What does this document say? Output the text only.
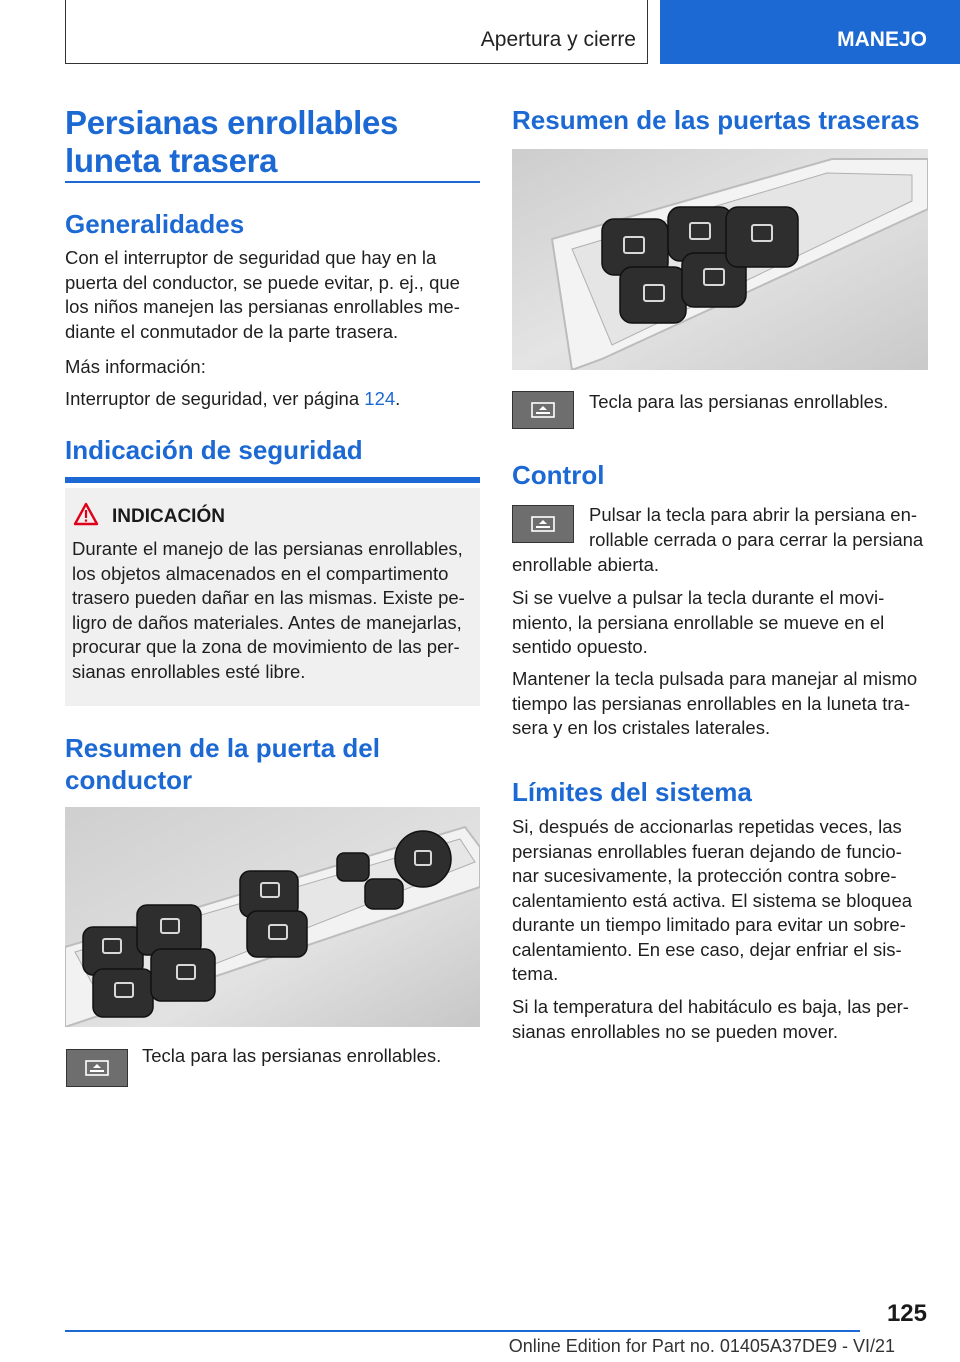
Apertura y cierre	MANEJO
Persianas enrollables
luneta trasera
Generalidades
Con el interruptor de seguridad que hay en la
puerta del conductor, se puede evitar, p. ej., que
los niños manejen las persianas enrollables me‐
diante el conmutador de la parte trasera.
Más información:
Interruptor de seguridad, ver página 124.
Indicación de seguridad
INDICACIÓN
Durante el manejo de las persianas enrollables,
los objetos almacenados en el compartimento
trasero pueden dañar en las mismas. Existe pe‐
ligro de daños materiales. Antes de manejarlas,
procurar que la zona de movimiento de las per‐
sianas enrollables esté libre.
Resumen de la puerta del
conductor
Tecla para las persianas enrollables.
Resumen de las puertas traseras
Tecla para las persianas enrollables.
Control
Pulsar la tecla para abrir la persiana en‐
rollable cerrada o para cerrar la persiana
enrollable abierta.
Si se vuelve a pulsar la tecla durante el movi‐
miento, la persiana enrollable se mueve en el
sentido opuesto.
Mantener la tecla pulsada para manejar al mismo
tiempo las persianas enrollables en la luneta tra‐
sera y en los cristales laterales.
Límites del sistema
Si, después de accionarlas repetidas veces, las
persianas enrollables fueran dejando de funcio‐
nar sucesivamente, la protección contra sobre‐
calentamiento está activa. El sistema se bloquea
durante un tiempo limitado para evitar un sobre‐
calentamiento. En ese caso, dejar enfriar el sis‐
tema.
Si la temperatura del habitáculo es baja, las per‐
sianas enrollables no se pueden mover.
125
Online Edition for Part no. 01405A37DE9 - VI/21
